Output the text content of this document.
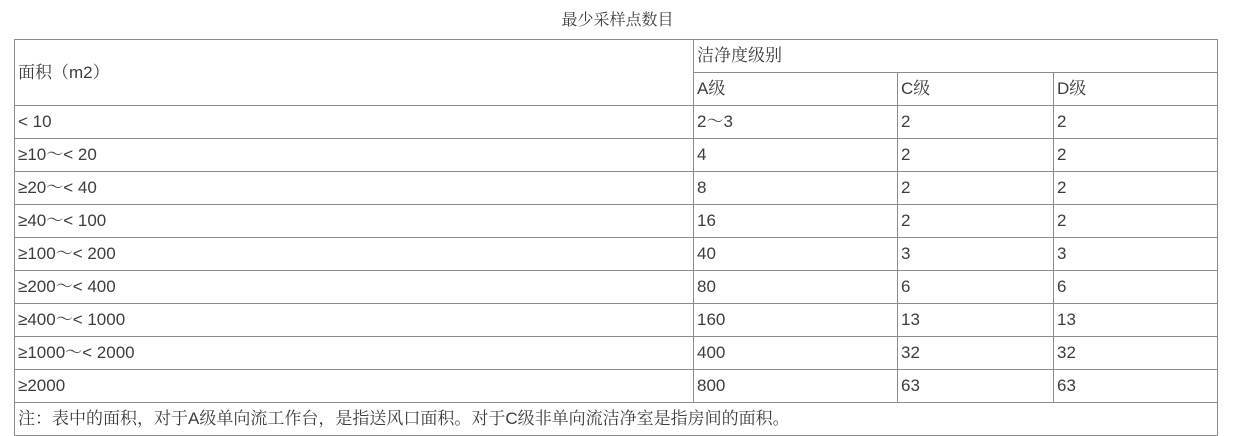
最少采样点数目
面积（m2）	洁净度级别		
	A级	C级	D级
< 10	2～3	2	2
≥10～< 20	4	2	2
≥20～< 40	8	2	2
≥40～< 100	16	2	2
≥100～< 200	40	3	3
≥200～< 400	80	6	6
≥400～< 1000	160	13	13
≥1000～< 2000	400	32	32
≥2000	800	63	63
注：表中的面积，对于A级单向流工作台，是指送风口面积。对于C级非单向流洁净室是指房间的面积。			
